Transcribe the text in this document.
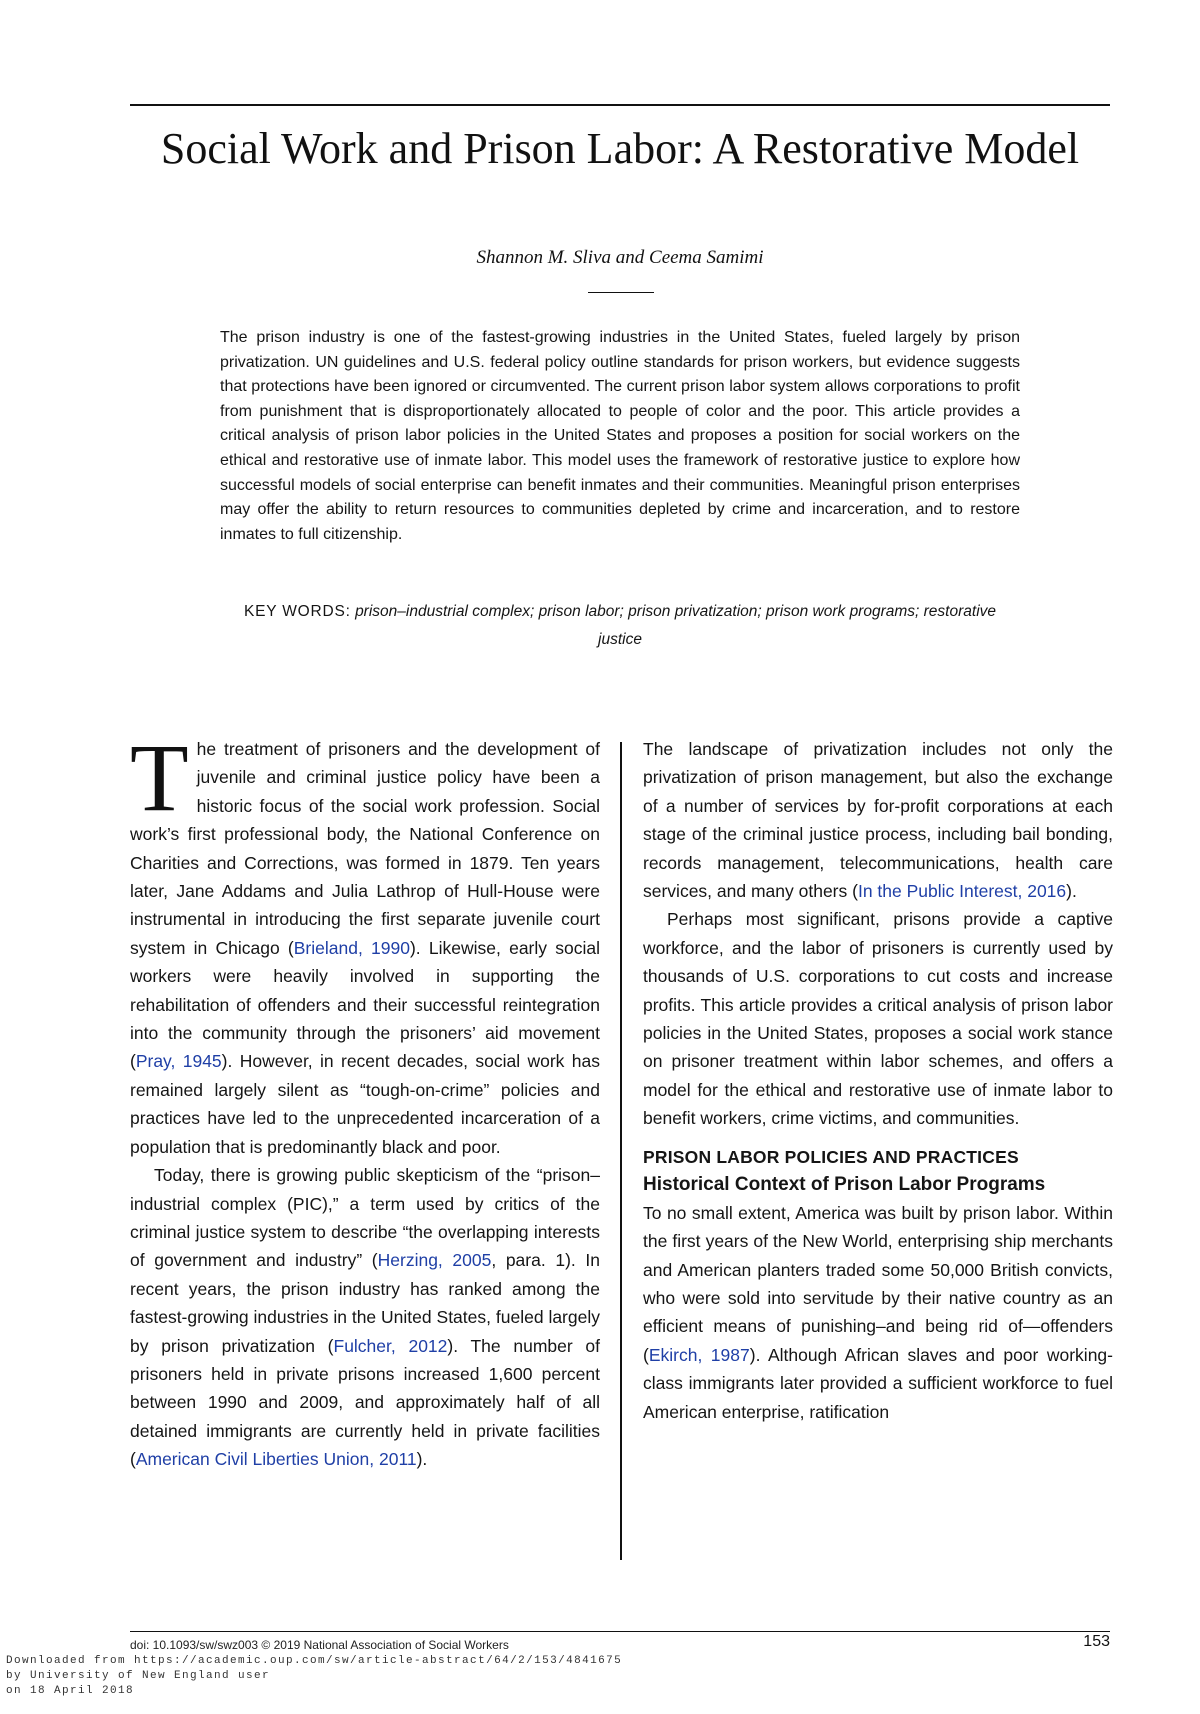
Social Work and Prison Labor: A Restorative Model
Shannon M. Sliva and Ceema Samimi

The prison industry is one of the fastest-growing industries in the United States, fueled largely by prison privatization. UN guidelines and U.S. federal policy outline standards for prison workers, but evidence suggests that protections have been ignored or circumvented. The current prison labor system allows corporations to profit from punishment that is disproportionately allocated to people of color and the poor. This article provides a critical analysis of prison labor policies in the United States and proposes a position for social workers on the ethical and restorative use of inmate labor. This model uses the framework of restorative justice to explore how successful models of social enterprise can benefit inmates and their communities. Meaningful prison enterprises may offer the ability to return resources to communities depleted by crime and incarceration, and to restore inmates to full citizenship.

KEY WORDS: prison–industrial complex; prison labor; prison privatization; prison work programs; restorative justice

The treatment of prisoners and the development of juvenile and criminal justice policy have been a historic focus of the social work profession. Social work’s first professional body, the National Conference on Charities and Corrections, was formed in 1879. Ten years later, Jane Addams and Julia Lathrop of Hull-House were instrumental in introducing the first separate juvenile court system in Chicago (Brieland, 1990). Likewise, early social workers were heavily involved in supporting the rehabilitation of offenders and their successful reintegration into the community through the prisoners’ aid movement (Pray, 1945). However, in recent decades, social work has remained largely silent as “tough-on-crime” policies and practices have led to the unprecedented incarceration of a population that is predominantly black and poor.

Today, there is growing public skepticism of the “prison–industrial complex (PIC),” a term used by critics of the criminal justice system to describe “the overlapping interests of government and industry” (Herzing, 2005, para. 1). In recent years, the prison industry has ranked among the fastest-growing industries in the United States, fueled largely by prison privatization (Fulcher, 2012). The number of prisoners held in private prisons increased 1,600 percent between 1990 and 2009, and approximately half of all detained immigrants are currently held in private facilities (American Civil Liberties Union, 2011).

The landscape of privatization includes not only the privatization of prison management, but also the exchange of a number of services by for-profit corporations at each stage of the criminal justice process, including bail bonding, records management, telecommunications, health care services, and many others (In the Public Interest, 2016).

Perhaps most significant, prisons provide a captive workforce, and the labor of prisoners is currently used by thousands of U.S. corporations to cut costs and increase profits. This article provides a critical analysis of prison labor policies in the United States, proposes a social work stance on prisoner treatment within labor schemes, and offers a model for the ethical and restorative use of inmate labor to benefit workers, crime victims, and communities.

PRISON LABOR POLICIES AND PRACTICES

Historical Context of Prison Labor Programs

To no small extent, America was built by prison labor. Within the first years of the New World, enterprising ship merchants and American planters traded some 50,000 British convicts, who were sold into servitude by their native country as an efficient means of punishing–and being rid of—offenders (Ekirch, 1987). Although African slaves and poor working-class immigrants later provided a sufficient workforce to fuel American enterprise, ratification

doi: 10.1093/sw/swz003 © 2019 National Association of Social Workers	153
Downloaded from https://academic.oup.com/sw/article-abstract/64/2/153/4841675
by University of New England user
on 18 April 2018
